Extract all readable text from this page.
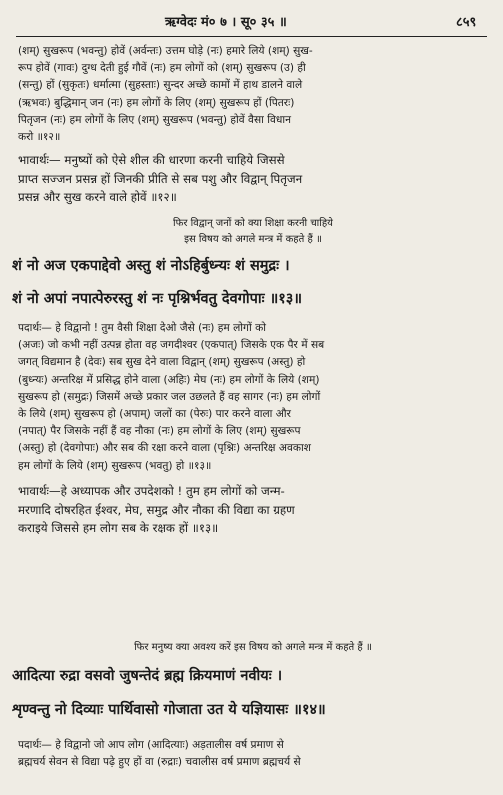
ऋग्वेदः मं० ७ । सू० ३५ ॥	८५९
(शम्) सुखरूप (भवन्तु) होवें (अर्वन्तः) उत्तम घोड़े (नः) हमारे लिये (शम्) सुख-
रूप होवें (गावः) दुग्ध देती हुई गौवें (नः) हम लोगों को (शम्) सुखरूप (उ) ही
(सन्तु) हों (सुकृतः) धर्मात्मा (सुहस्ताः) सुन्दर अच्छे कामों में हाथ डालने वाले
(ऋभवः) बुद्धिमान् जन (नः) हम लोगों के लिए (शम्) सुखरूप हों (पितरः)
पितृजन (नः) हम लोगों के लिए (शम्) सुखरूप (भवन्तु) होवें वैसा विधान
करो ॥१२॥
भावार्थः— मनुष्यों को ऐसे शील की धारणा करनी चाहिये जिससे
प्राप्त सज्जन प्रसन्न हों जिनकी प्रीति से सब पशु और विद्वान् पितृजन
प्रसन्न और सुख करने वाले होवें ॥१२॥
फिर विद्वान् जनों को क्या शिक्षा करनी चाहिये
इस विषय को अगले मन्त्र में कहते हैं ॥
शं नो अज एकपाद्देवो अस्तु शं नोऽहिर्बुध्न्यः शं समुद्रः ।
शं नो अपां नपात्पेरुरस्तु शं नः पृश्निर्भवतु देवगोपाः ॥१३॥
पदार्थः— हे विद्वानो ! तुम वैसी शिक्षा देओ जैसे (नः) हम लोगों को
(अजः) जो कभी नहीं उत्पन्न होता वह जगदीश्वर (एकपात्) जिसके एक पैर में सब
जगत् विद्यमान है (देवः) सब सुख देने वाला विद्वान् (शम्) सुखरूप (अस्तु) हो
(बुध्न्यः) अन्तरिक्ष में प्रसिद्ध होने वाला (अहिः) मेघ (नः) हम लोगों के लिये (शम्)
सुखरूप हो (समुद्रः) जिसमें अच्छे प्रकार जल उछलते हैं वह सागर (नः) हम लोगों
के लिये (शम्) सुखरूप हो (अपाम्) जलों का (पेरुः) पार करने वाला और
(नपात्) पैर जिसके नहीं हैं वह नौका (नः) हम लोगों के लिए (शम्) सुखरूप
(अस्तु) हो (देवगोपाः) और सब की रक्षा करने वाला (पृश्निः) अन्तरिक्ष अवकाश
हम लोगों के लिये (शम्) सुखरूप (भवतु) हो ॥१३॥
भावार्थः—हे अध्यापक और उपदेशको ! तुम हम लोगों को जन्म-
मरणादि दोषरहित ईश्वर, मेघ, समुद्र और नौका की विद्या का ग्रहण
कराइये जिससे हम लोग सब के रक्षक हों ॥१३॥
फिर मनुष्य क्या अवश्य करें इस विषय को अगले मन्त्र में कहते हैं ॥
आदित्या रुद्रा वसवो जुषन्तेदं ब्रह्म क्रियमाणं नवीयः ।
शृण्वन्तु नो दिव्याः पार्थिवासो गोजाता उत ये यज्ञियासः ॥१४॥
पदार्थः— हे विद्वानो जो आप लोग (आदित्याः) अड़तालीस वर्ष प्रमाण से
ब्रह्मचर्य सेवन से विद्या पढ़े हुए हों वा (रुद्राः) चवालीस वर्ष प्रमाण ब्रह्मचर्य से
